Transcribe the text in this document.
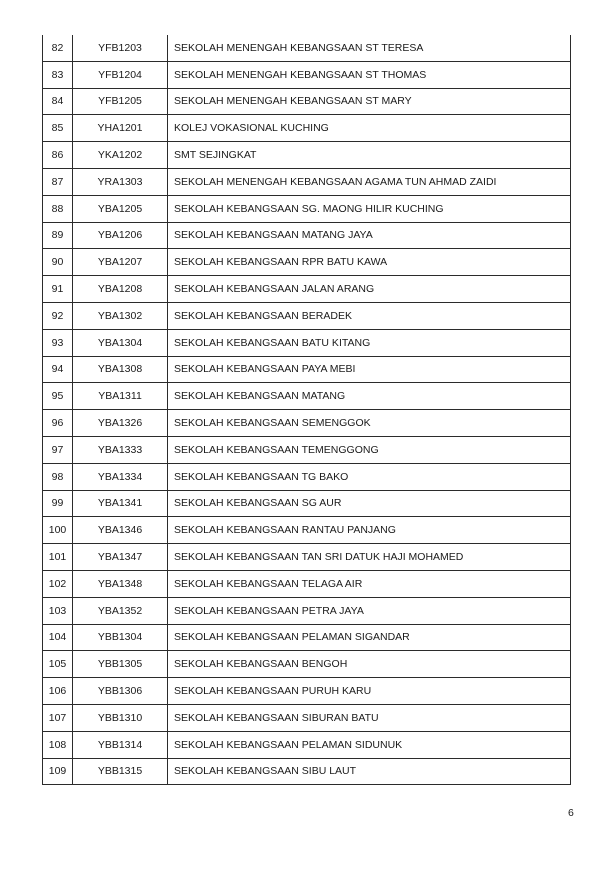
82	YFB1203	SEKOLAH MENENGAH KEBANGSAAN ST TERESA
83	YFB1204	SEKOLAH MENENGAH KEBANGSAAN ST THOMAS
84	YFB1205	SEKOLAH MENENGAH KEBANGSAAN ST MARY
85	YHA1201	KOLEJ VOKASIONAL KUCHING
86	YKA1202	SMT SEJINGKAT
87	YRA1303	SEKOLAH MENENGAH KEBANGSAAN AGAMA TUN AHMAD ZAIDI
88	YBA1205	SEKOLAH KEBANGSAAN SG. MAONG HILIR KUCHING
89	YBA1206	SEKOLAH KEBANGSAAN MATANG JAYA
90	YBA1207	SEKOLAH KEBANGSAAN RPR BATU KAWA
91	YBA1208	SEKOLAH KEBANGSAAN JALAN ARANG
92	YBA1302	SEKOLAH KEBANGSAAN BERADEK
93	YBA1304	SEKOLAH KEBANGSAAN BATU KITANG
94	YBA1308	SEKOLAH KEBANGSAAN PAYA MEBI
95	YBA1311	SEKOLAH KEBANGSAAN MATANG
96	YBA1326	SEKOLAH KEBANGSAAN SEMENGGOK
97	YBA1333	SEKOLAH KEBANGSAAN TEMENGGONG
98	YBA1334	SEKOLAH KEBANGSAAN TG BAKO
99	YBA1341	SEKOLAH KEBANGSAAN SG AUR
100	YBA1346	SEKOLAH KEBANGSAAN RANTAU PANJANG
101	YBA1347	SEKOLAH KEBANGSAAN TAN SRI DATUK HAJI MOHAMED
102	YBA1348	SEKOLAH KEBANGSAAN TELAGA AIR
103	YBA1352	SEKOLAH KEBANGSAAN PETRA JAYA
104	YBB1304	SEKOLAH KEBANGSAAN PELAMAN SIGANDAR
105	YBB1305	SEKOLAH KEBANGSAAN BENGOH
106	YBB1306	SEKOLAH KEBANGSAAN PURUH KARU
107	YBB1310	SEKOLAH KEBANGSAAN SIBURAN BATU
108	YBB1314	SEKOLAH KEBANGSAAN PELAMAN SIDUNUK
109	YBB1315	SEKOLAH KEBANGSAAN SIBU LAUT
6
